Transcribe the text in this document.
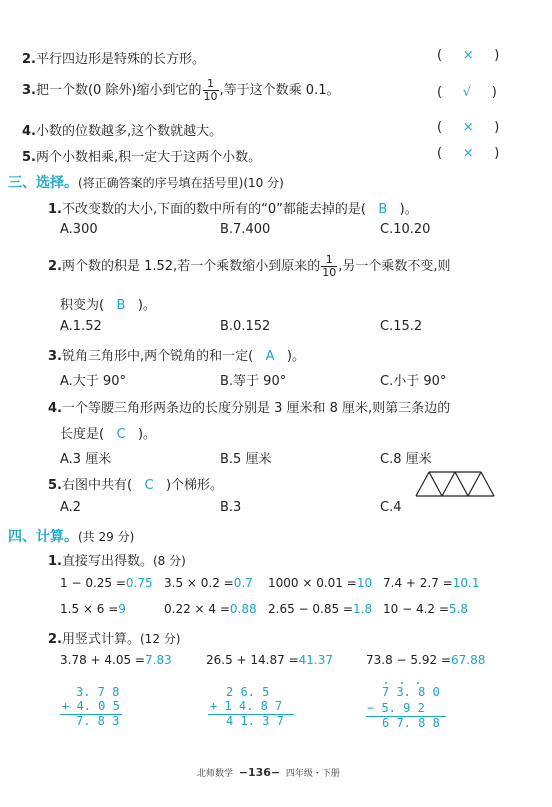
2.平行四边形是特殊的长方形。	(     ×     )
3.把一个数(0 除外)缩小到它的 $\frac{1}{10}$ ,等于这个数乘 0.1。	(     √     )
4.小数的位数越多,这个数就越大。	(     ×     )
5.两个小数相乘,积一定大于这两个小数。	(     ×     )
三、选择。(将正确答案的序号填在括号里)(10 分)
1.不改变数的大小,下面的数中所有的“0”都能去掉的是( B )。
A.300	B.7.400	C.10.20
2.两个数的积是 1.52,若一个乘数缩小到原来的 $\frac{1}{10}$ ,另一个乘数不变,则
积变为( B )。
A.1.52	B.0.152	C.15.2
3.锐角三角形中,两个锐角的和一定( A )。
A.大于 90°	B.等于 90°	C.小于 90°
4.一个等腰三角形两条边的长度分别是 3 厘米和 8 厘米,则第三条边的
长度是( C )。
A.3 厘米	B.5 厘米	C.8 厘米
5.右图中共有( C )个梯形。
A.2	B.3	C.4
四、计算。(共 29 分)
1.直接写出得数。(8 分)
1 − 0.25 =0.75 3.5 × 0.2 =0.7 1000 × 0.01 =10 7.4 + 2.7 =10.1
1.5 × 6 =9	0.22 × 4 =0.88 2.65 − 0.85 =1.8 10 − 4.2 =5.8
2.用竖式计算。(12 分)
3.78 + 4.05 =7.83	26.5 + 14.87 =41.37	73.8 − 5.92 =67.88
3. 7 8
+ 4. 0 5
7. 8 3
2 6. 5
+ 1 4. 8 7
4 1. 3 7
7 3. 8 0
− 5. 9 2
6 7. 8 8
北师数学 −136− 四年级・下册
